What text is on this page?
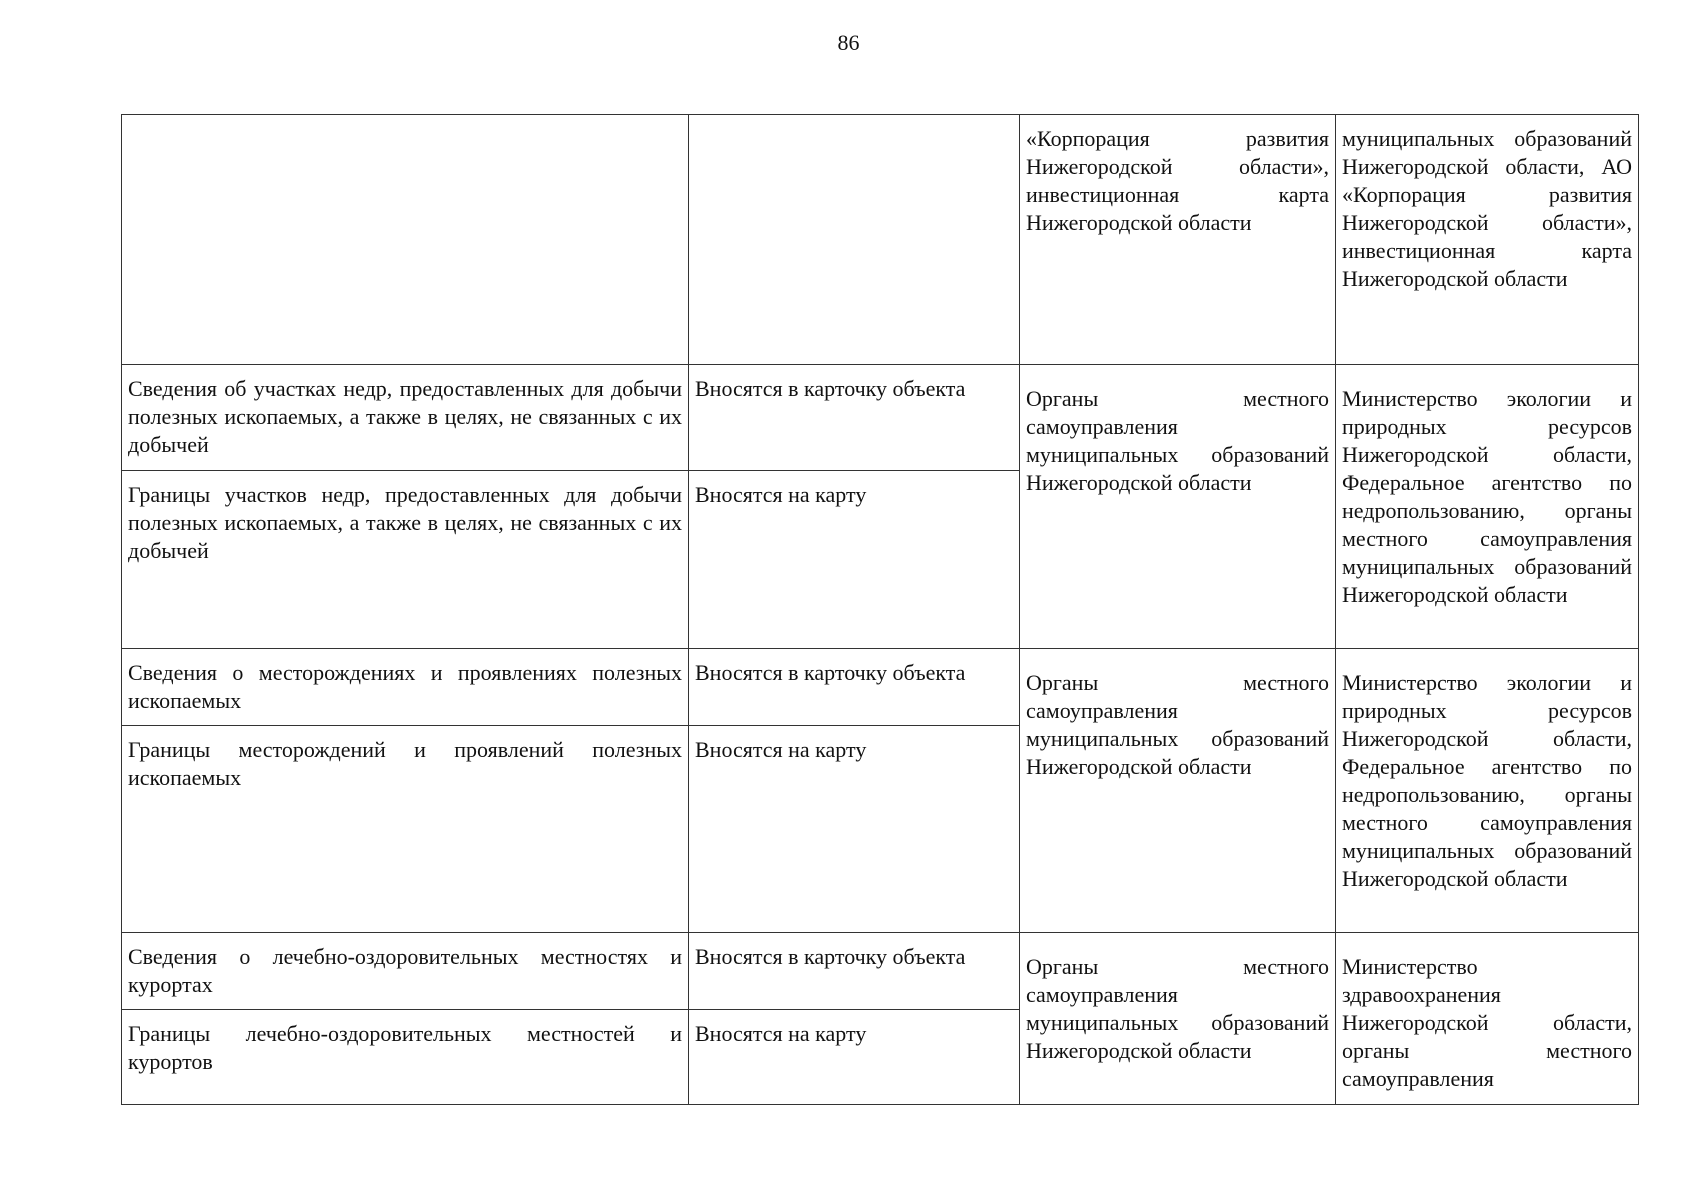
86
		«Корпорация развития Нижегородской области», инвестиционная карта Нижегородской области	муниципальных образований Нижегородской области, АО «Корпорация развития Нижегородской области», инвестиционная карта Нижегородской области
Сведения об участках недр, предоставленных для добычи полезных ископаемых, а также в целях, не связанных с их добычей	Вносятся в карточку объекта	Органы местного самоуправления муниципальных образований Нижегородской области	Министерство экологии и природных ресурсов Нижегородской области, Федеральное агентство по недропользованию, органы местного самоуправления муниципальных образований Нижегородской области
Границы участков недр, предоставленных для добычи полезных ископаемых, а также в целях, не связанных с их добычей	Вносятся на карту		
Сведения о месторождениях и проявлениях полезных ископаемых	Вносятся в карточку объекта	Органы местного самоуправления муниципальных образований Нижегородской области	Министерство экологии и природных ресурсов Нижегородской области, Федеральное агентство по недропользованию, органы местного самоуправления муниципальных образований Нижегородской области
Границы месторождений и проявлений полезных ископаемых	Вносятся на карту		
Сведения о лечебно-оздоровительных местностях и курортах	Вносятся в карточку объекта	Органы местного самоуправления муниципальных образований Нижегородской области	Министерство здравоохранения Нижегородской области, органы местного самоуправления
Границы лечебно-оздоровительных местностей и курортов	Вносятся на карту		
